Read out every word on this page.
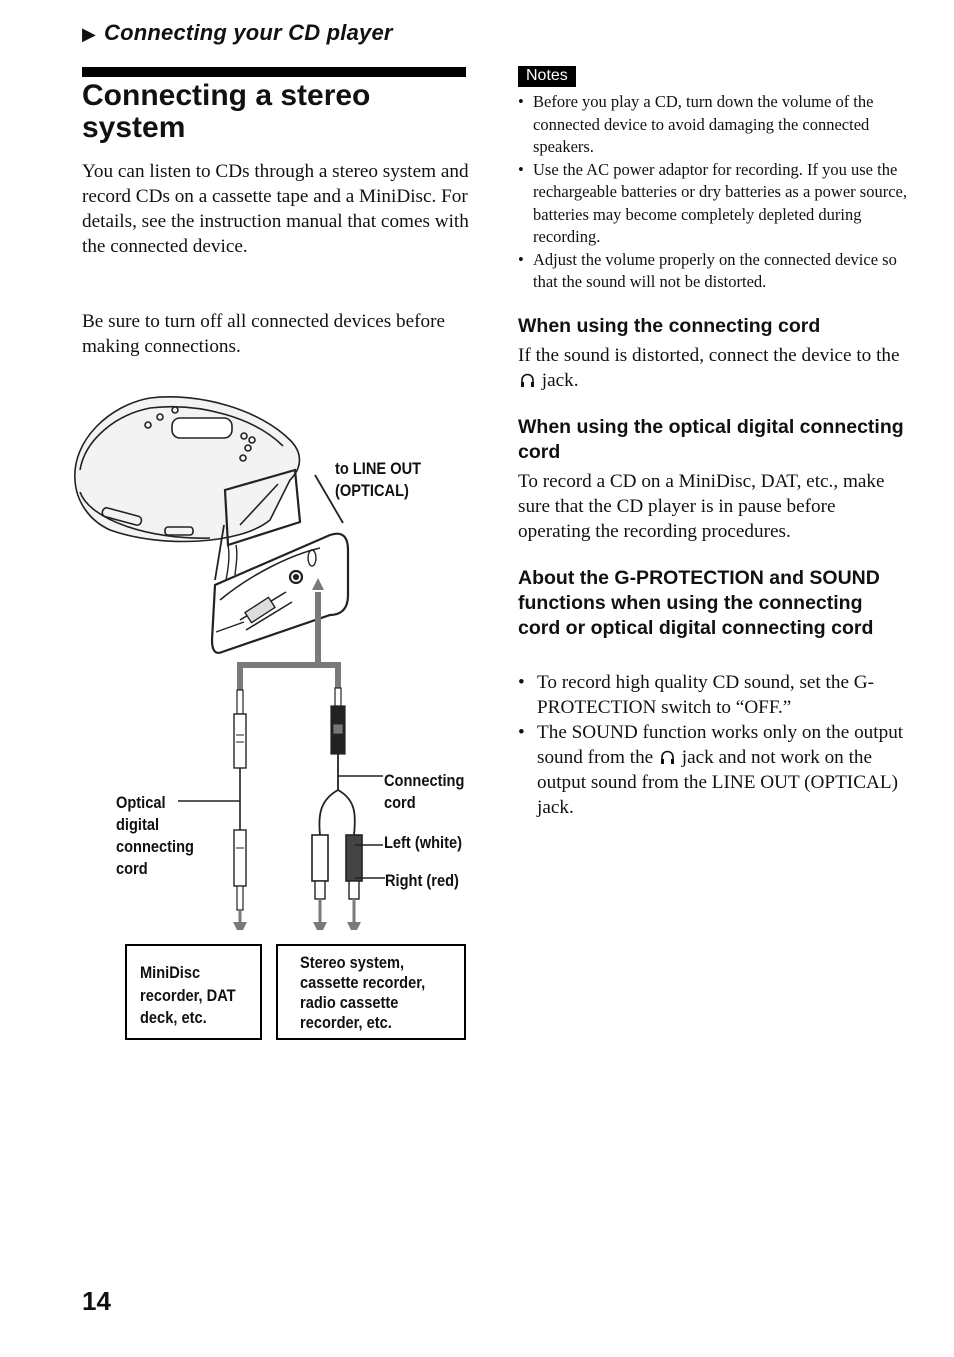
▶ Connecting your CD player
Connecting a stereo system

You can listen to CDs through a stereo system and record CDs on a cassette tape and a MiniDisc. For details, see the instruction manual that comes with the connected device.

Be sure to turn off all connected devices before making connections.

Notes
• Before you play a CD, turn down the volume of the connected device to avoid damaging the connected speakers.
• Use the AC power adaptor for recording. If you use the rechargeable batteries or dry batteries as a power source, batteries may become completely depleted during recording.
• Adjust the volume properly on the connected device so that the sound will not be distorted.
When using the connecting cord

If the sound is distorted, connect the device to the  jack.

When using the optical digital connecting cord

To record a CD on a MiniDisc, DAT, etc., make sure that the CD player is in pause before operating the recording procedures.

About the G-PROTECTION and SOUND functions when using the connecting cord or optical digital connecting cord
• To record high quality CD sound, set the G-PROTECTION switch to “OFF.”
• The SOUND function works only on the output sound from the  jack and not work on the output sound from the LINE OUT (OPTICAL) jack.
to LINE OUT
(OPTICAL)
Connecting
cord
Optical
digital
connecting
cord
Left (white)
Right (red)
MiniDisc
recorder, DAT
deck, etc.
Stereo system,
cassette recorder,
radio cassette
recorder, etc.
14
